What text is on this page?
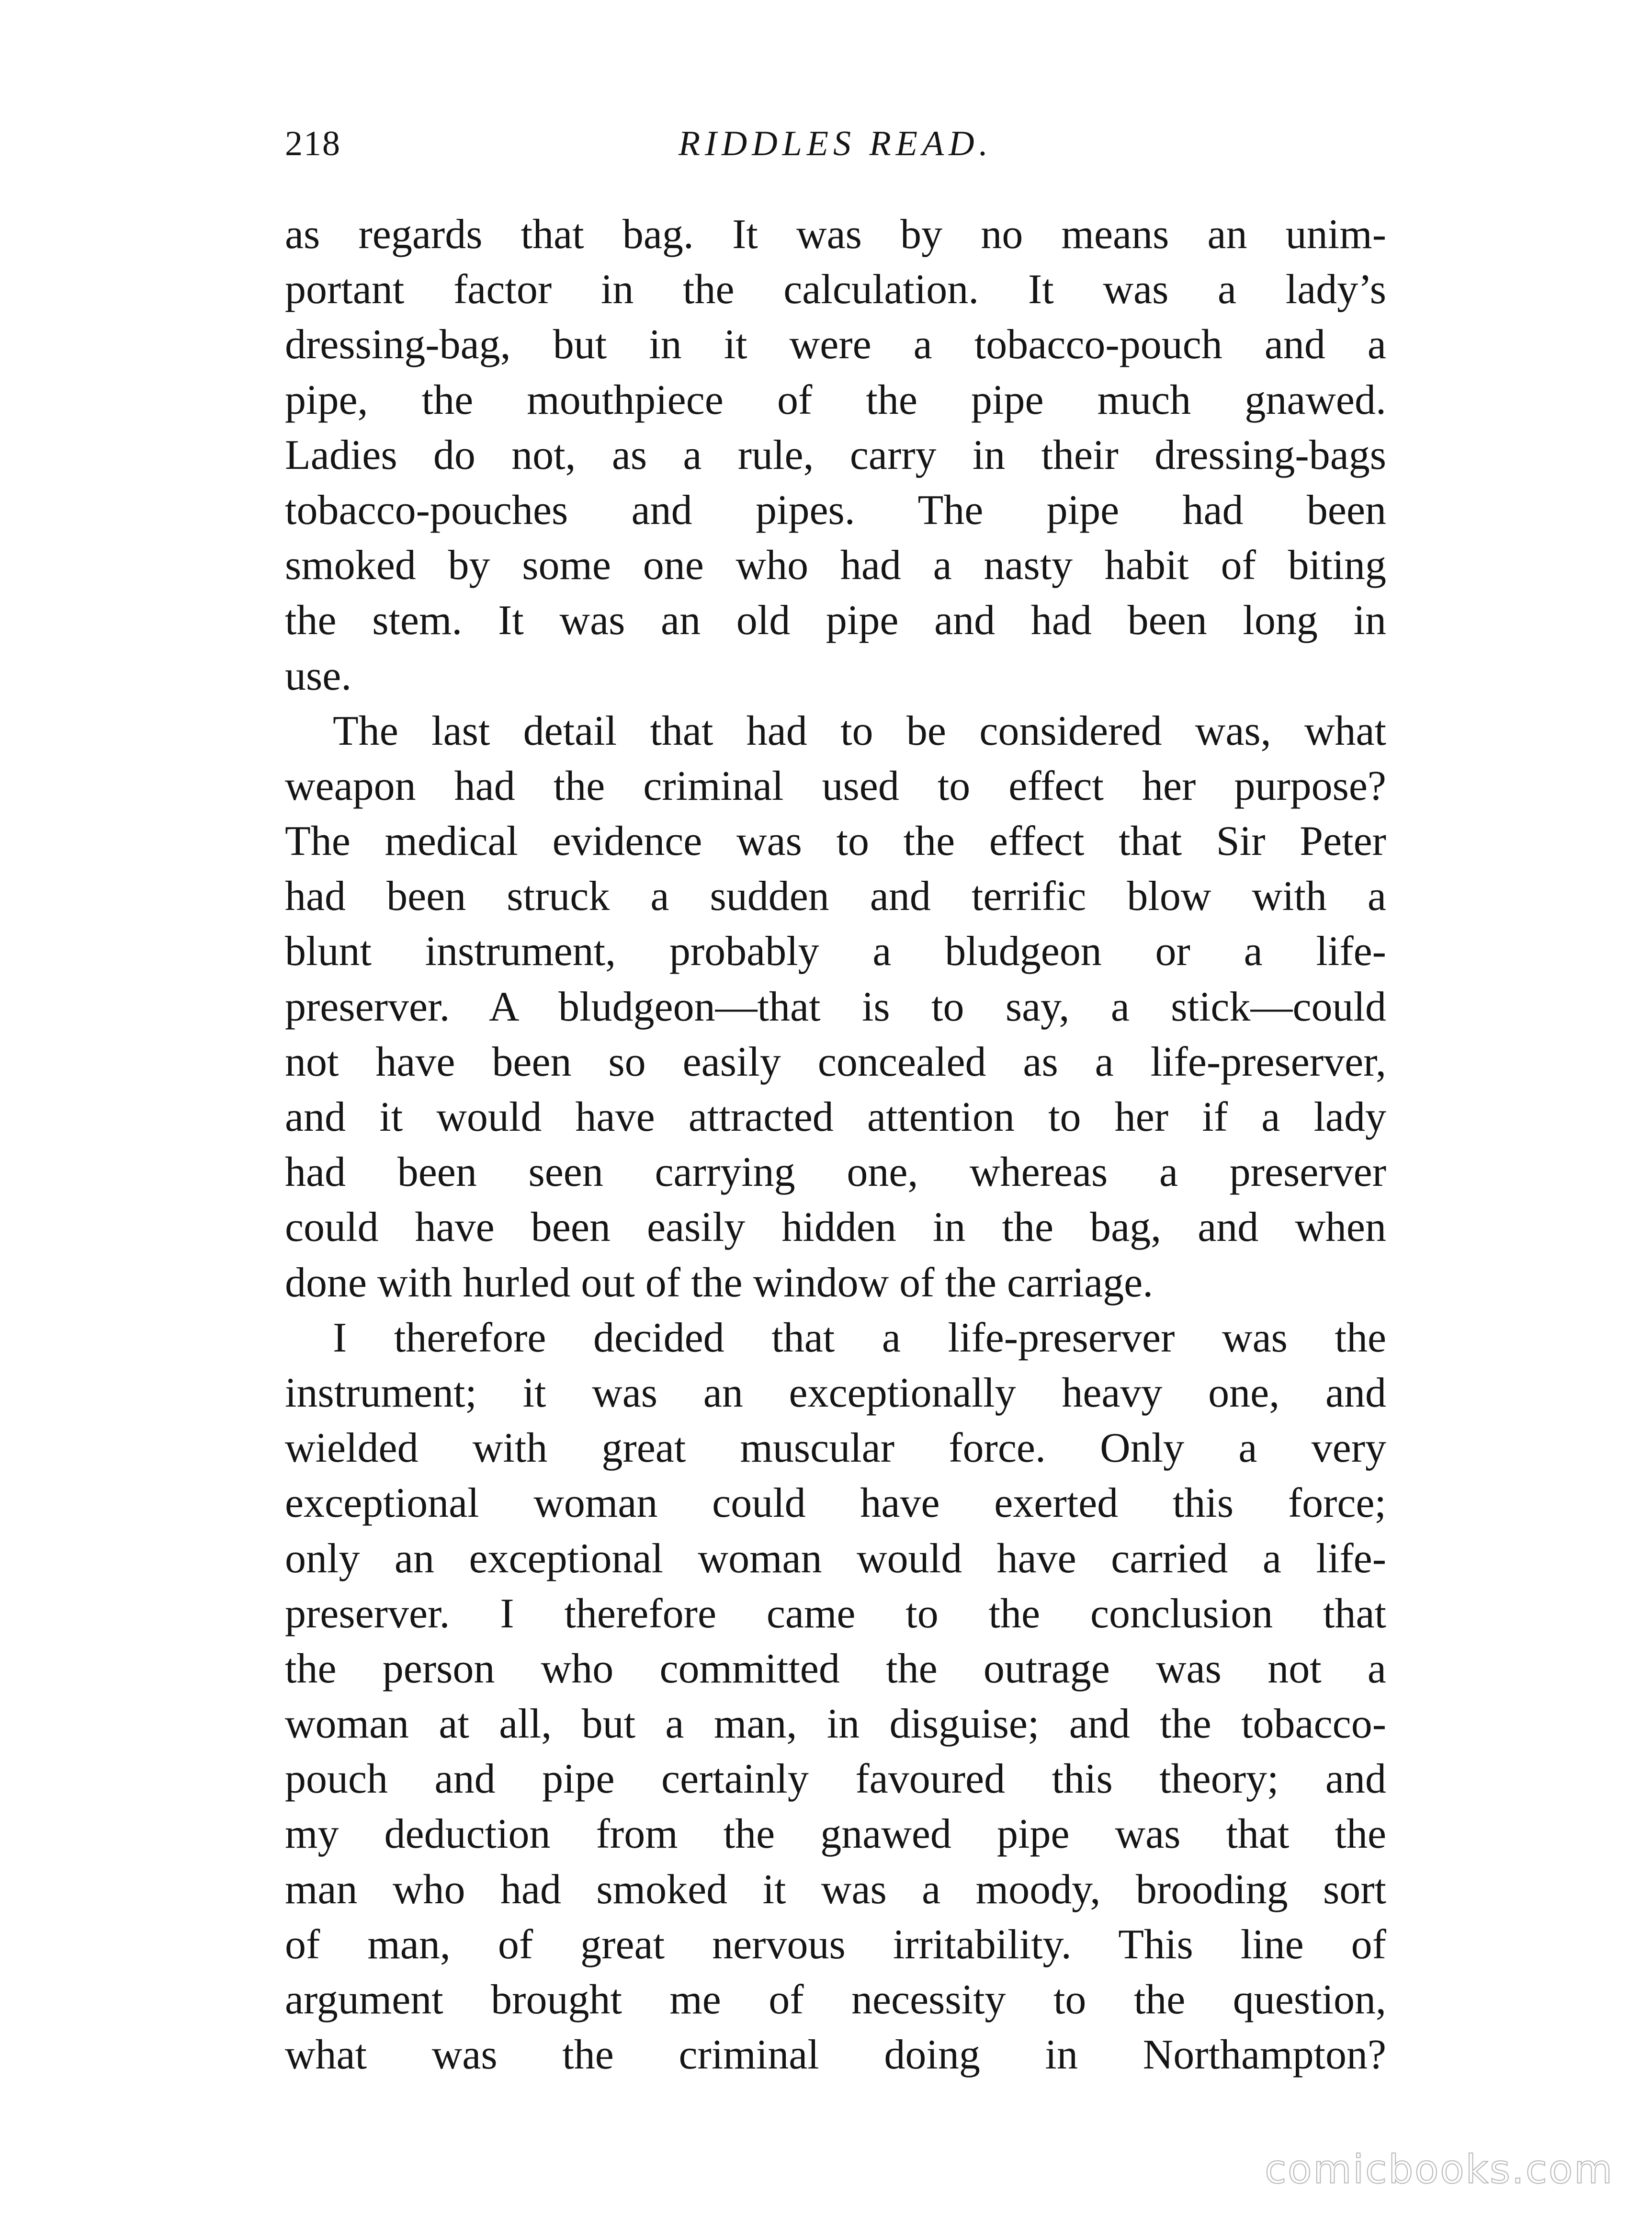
218	RIDDLES READ.
as regards that bag. It was by no means an unim-
portant factor in the calculation. It was a lady’s
dressing-bag, but in it were a tobacco-pouch and a
pipe, the mouthpiece of the pipe much gnawed.
Ladies do not, as a rule, carry in their dressing-bags
tobacco-pouches and pipes. The pipe had been
smoked by some one who had a nasty habit of biting
the stem. It was an old pipe and had been long in
use.
The last detail that had to be considered was, what
weapon had the criminal used to effect her purpose?
The medical evidence was to the effect that Sir Peter
had been struck a sudden and terrific blow with a
blunt instrument, probably a bludgeon or a life-
preserver. A bludgeon—that is to say, a stick—could
not have been so easily concealed as a life-preserver,
and it would have attracted attention to her if a lady
had been seen carrying one, whereas a preserver
could have been easily hidden in the bag, and when
done with hurled out of the window of the carriage.
I therefore decided that a life-preserver was the
instrument; it was an exceptionally heavy one, and
wielded with great muscular force. Only a very
exceptional woman could have exerted this force;
only an exceptional woman would have carried a life-
preserver. I therefore came to the conclusion that
the person who committed the outrage was not a
woman at all, but a man, in disguise; and the tobacco-
pouch and pipe certainly favoured this theory; and
my deduction from the gnawed pipe was that the
man who had smoked it was a moody, brooding sort
of man, of great nervous irritability. This line of
argument brought me of necessity to the question,
what was the criminal doing in Northampton?
comicbooks.com
